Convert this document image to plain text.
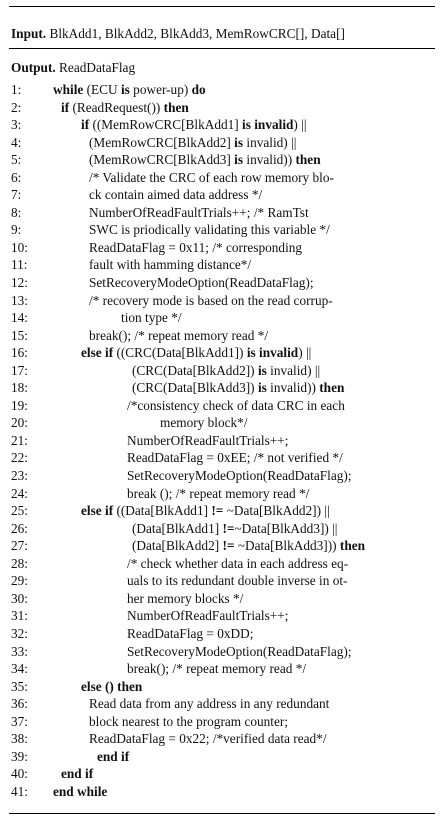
Input. BlkAdd1, BlkAdd2, BlkAdd3, MemRowCRC[], Data[]
Output. ReadDataFlag
1:	while (ECU is power-up) do
2:	if (ReadRequest()) then
3:	if ((MemRowCRC[BlkAdd1] is invalid) ||
4:	(MemRowCRC[BlkAdd2] is invalid) ||
5:	(MemRowCRC[BlkAdd3] is invalid)) then
6:	/* Validate the CRC of each row memory blo-
7:	ck contain aimed data address */
8:	NumberOfReadFaultTrials++; /* RamTst
9:	SWC is priodically validating this variable */
10:	ReadDataFlag = 0x11; /* corresponding
11:	fault with hamming distance*/
12:	SetRecoveryModeOption(ReadDataFlag);
13:	/* recovery mode is based on the read corrup-
14:	tion type */
15:	break(); /* repeat memory read */
16:	else if ((CRC(Data[BlkAdd1]) is invalid) ||
17:	(CRC(Data[BlkAdd2]) is invalid) ||
18:	(CRC(Data[BlkAdd3]) is invalid)) then
19:	/*consistency check of data CRC in each
20:	memory block*/
21:	NumberOfReadFaultTrials++;
22:	ReadDataFlag = 0xEE; /* not verified */
23:	SetRecoveryModeOption(ReadDataFlag);
24:	break (); /* repeat memory read */
25:	else if ((Data[BlkAdd1] != ~Data[BlkAdd2]) ||
26:	(Data[BlkAdd1] !=~Data[BlkAdd3]) ||
27:	(Data[BlkAdd2] != ~Data[BlkAdd3])) then
28:	/* check whether data in each address eq-
29:	uals to its redundant double inverse in ot-
30:	her memory blocks */
31:	NumberOfReadFaultTrials++;
32:	ReadDataFlag = 0xDD;
33:	SetRecoveryModeOption(ReadDataFlag);
34:	break(); /* repeat memory read */
35:	else () then
36:	Read data from any address in any redundant
37:	block nearest to the program counter;
38:	ReadDataFlag = 0x22; /*verified data read*/
39:	end if
40:	end if
41:	end while
